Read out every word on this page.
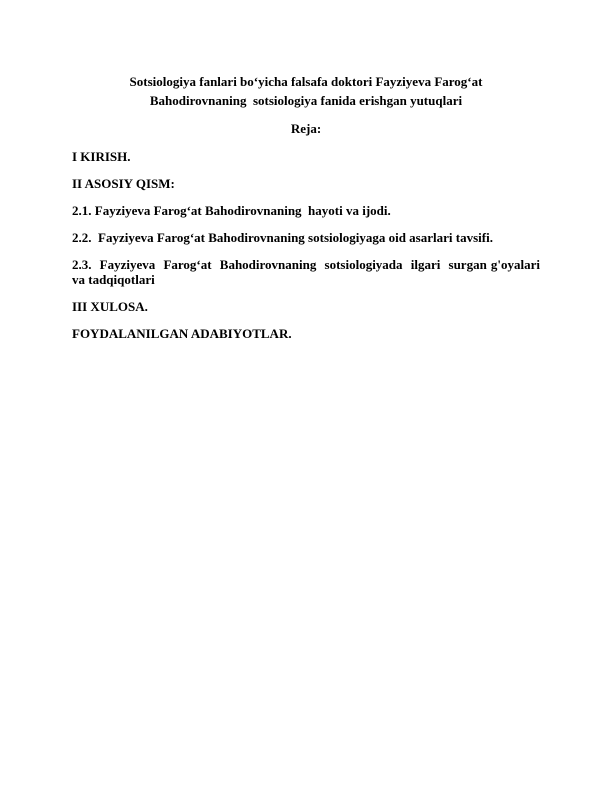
Sotsiologiya fanlari bo‘yicha falsafa doktori Fayziyeva Farog‘at
Bahodirovnaning  sotsiologiya fanida erishgan yutuqlari

Reja:

I KIRISH.

II ASOSIY QISM:

2.1. Fayziyeva Farog‘at Bahodirovnaning  hayoti va ijodi.

2.2.  Fayziyeva Farog‘at Bahodirovnaning sotsiologiyaga oid asarlari tavsifi.

2.3.  Fayziyeva  Farog‘at  Bahodirovnaning  sotsiologiyada  ilgari  surgan g'oyalari va tadqiqotlari

III XULOSA.

FOYDALANILGAN ADABIYOTLAR.
